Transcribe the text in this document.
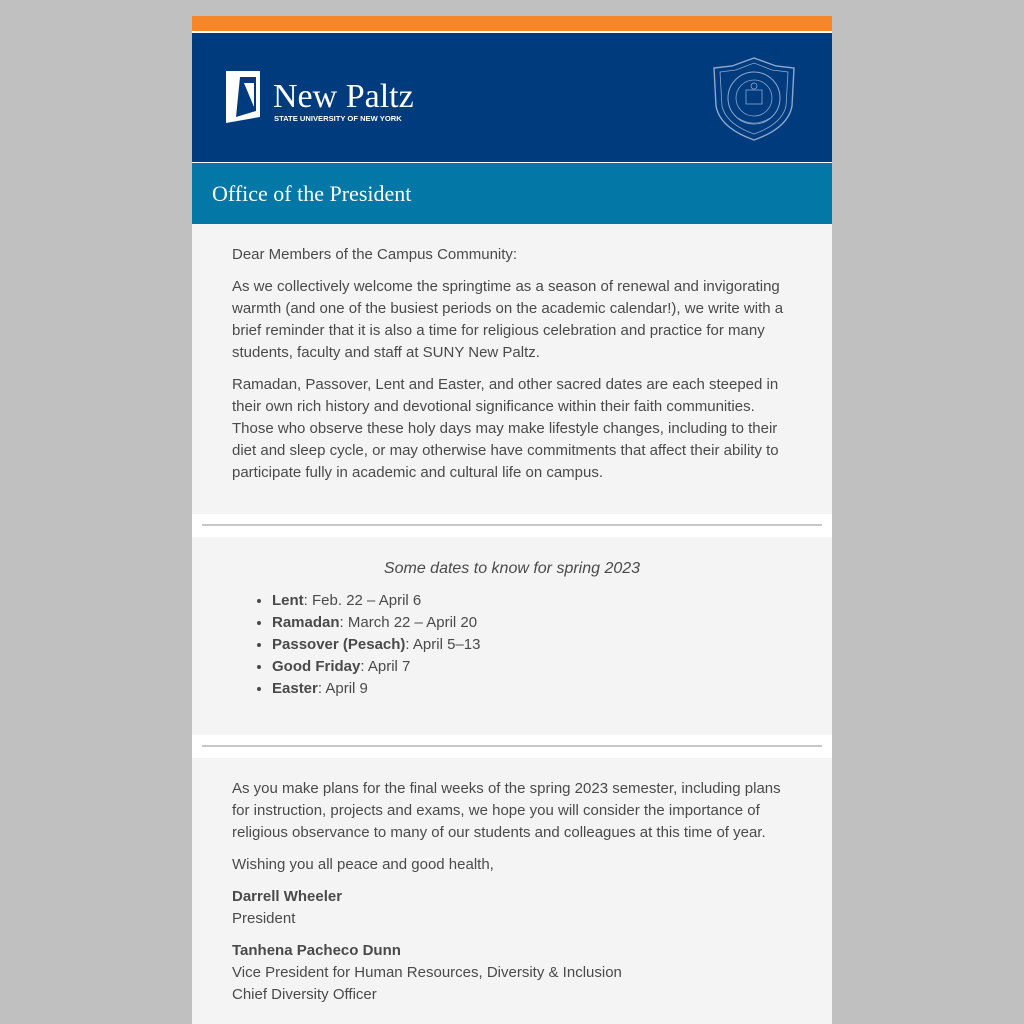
New Paltz
STATE UNIVERSITY OF NEW YORK
Office of the President

Dear Members of the Campus Community:

As we collectively welcome the springtime as a season of renewal and invigorating warmth (and one of the busiest periods on the academic calendar!), we write with a brief reminder that it is also a time for religious celebration and practice for many students, faculty and staff at SUNY New Paltz.

Ramadan, Passover, Lent and Easter, and other sacred dates are each steeped in their own rich history and devotional significance within their faith communities. Those who observe these holy days may make lifestyle changes, including to their diet and sleep cycle, or may otherwise have commitments that affect their ability to participate fully in academic and cultural life on campus.

Some dates to know for spring 2023

• Lent: Feb. 22 – April 6
• Ramadan: March 22 – April 20
• Passover (Pesach): April 5–13
• Good Friday: April 7
• Easter: April 9

As you make plans for the final weeks of the spring 2023 semester, including plans for instruction, projects and exams, we hope you will consider the importance of religious observance to many of our students and colleagues at this time of year.

Wishing you all peace and good health,

Darrell Wheeler
President

Tanhena Pacheco Dunn
Vice President for Human Resources, Diversity & Inclusion
Chief Diversity Officer
